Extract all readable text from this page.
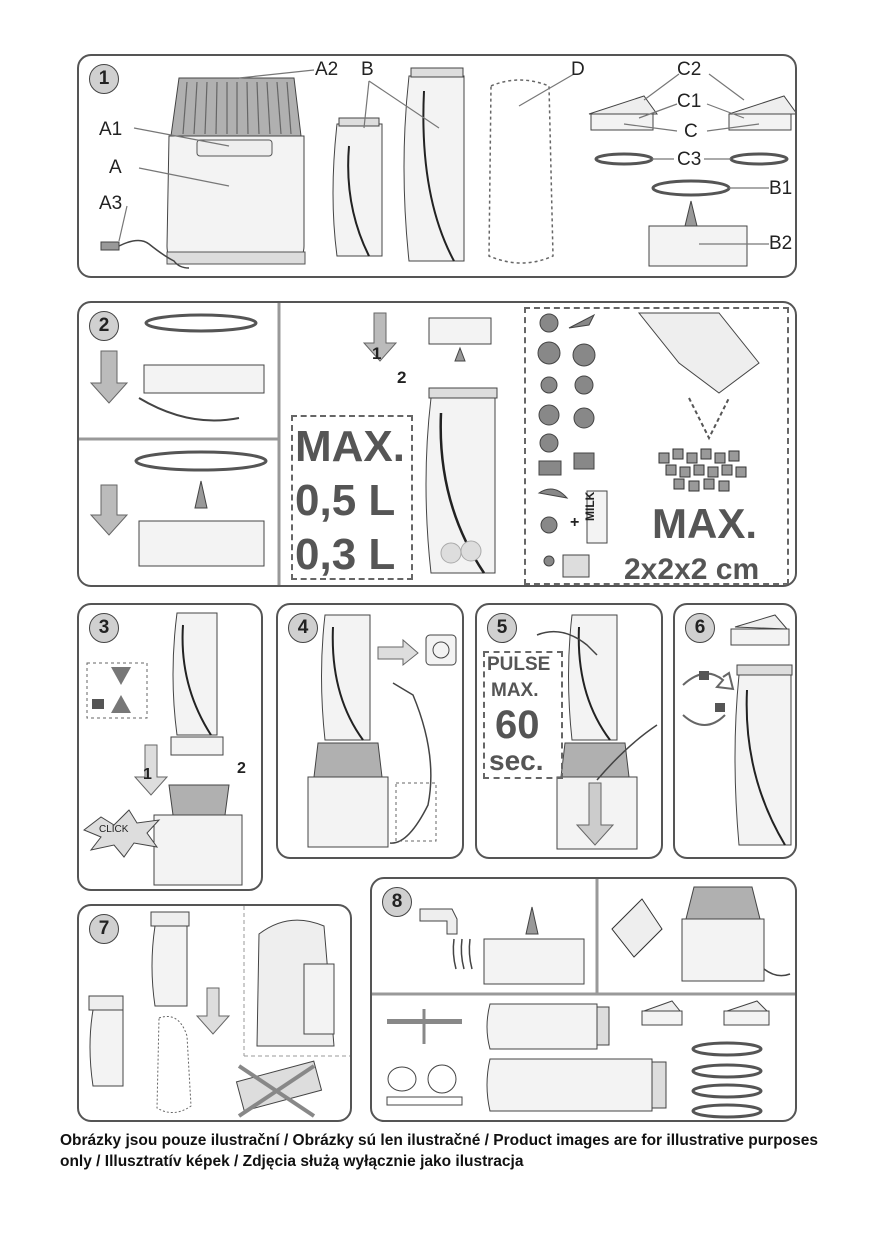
1	A2 B	D	C2
C1
A1	C
A	C3
B1
A3
B2
2
MAX.
0,5 L
0,3 L
1
2
+
MILK MAX.
2x2x2 cm
3
CLICK
1	2
4	5
PULSE
MAX.
60
sec.
6
7
8
Obrázky jsou pouze ilustrační / Obrázky sú len ilustračné / Product images are for illustrative purposes only / Illusztratív képek / Zdjęcia służą wyłącznie jako ilustracja
